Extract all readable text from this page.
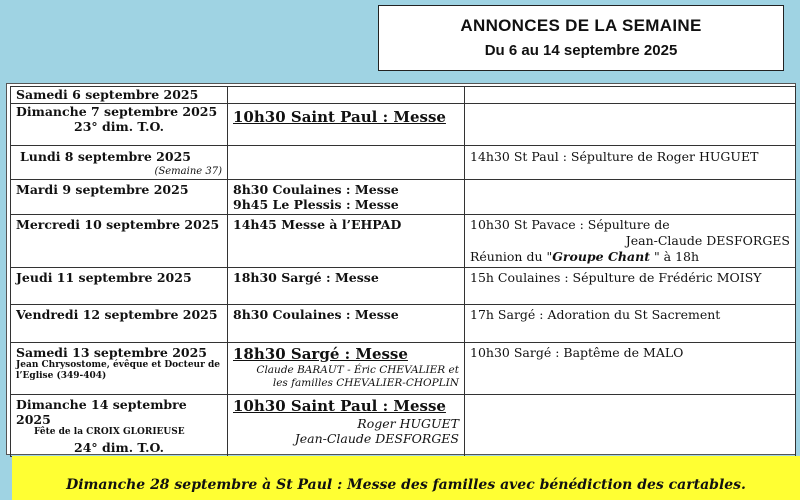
ANNONCES DE LA SEMAINE
Du 6 au 14 septembre 2025
Samedi 6 septembre 2025		
Dimanche 7 septembre 2025

23° dim. T.O.	10h30 Saint Paul : Messe	

Lundi 8 septembre 2025
(Semaine 37)		14h30 St Paul : Sépulture de Roger HUGUET

Mardi 9 septembre 2025	8h30 Coulaines : Messe
9h45 Le Plessis : Messe	

Mercredi 10 septembre 2025	14h45 Messe à l’EHPAD	10h30 St Pavace : Sépulture de
Jean-Claude DESFORGES
Réunion du "Groupe Chant " à 18h

Jeudi 11 septembre 2025	18h30 Sargé : Messe	15h Coulaines : Sépulture de Frédéric MOISY

Vendredi 12 septembre 2025	8h30 Coulaines : Messe	17h Sargé : Adoration du St Sacrement

Samedi 13 septembre 2025
Jean Chrysostome, évêque et Docteur de l’Eglise (349-404)	18h30 Sargé : Messe
Claude BARAUT - Éric CHEVALIER et
les familles CHEVALIER-CHOPLIN	10h30 Sargé : Baptême de MALO

Dimanche 14 septembre 2025
Fête de la CROIX GLORIEUSE
24° dim. T.O.	10h30 Saint Paul : Messe
Roger HUGUET
Jean-Claude DESFORGES	

Dimanche 28 septembre à St Paul : Messe des familles avec bénédiction des cartables.
